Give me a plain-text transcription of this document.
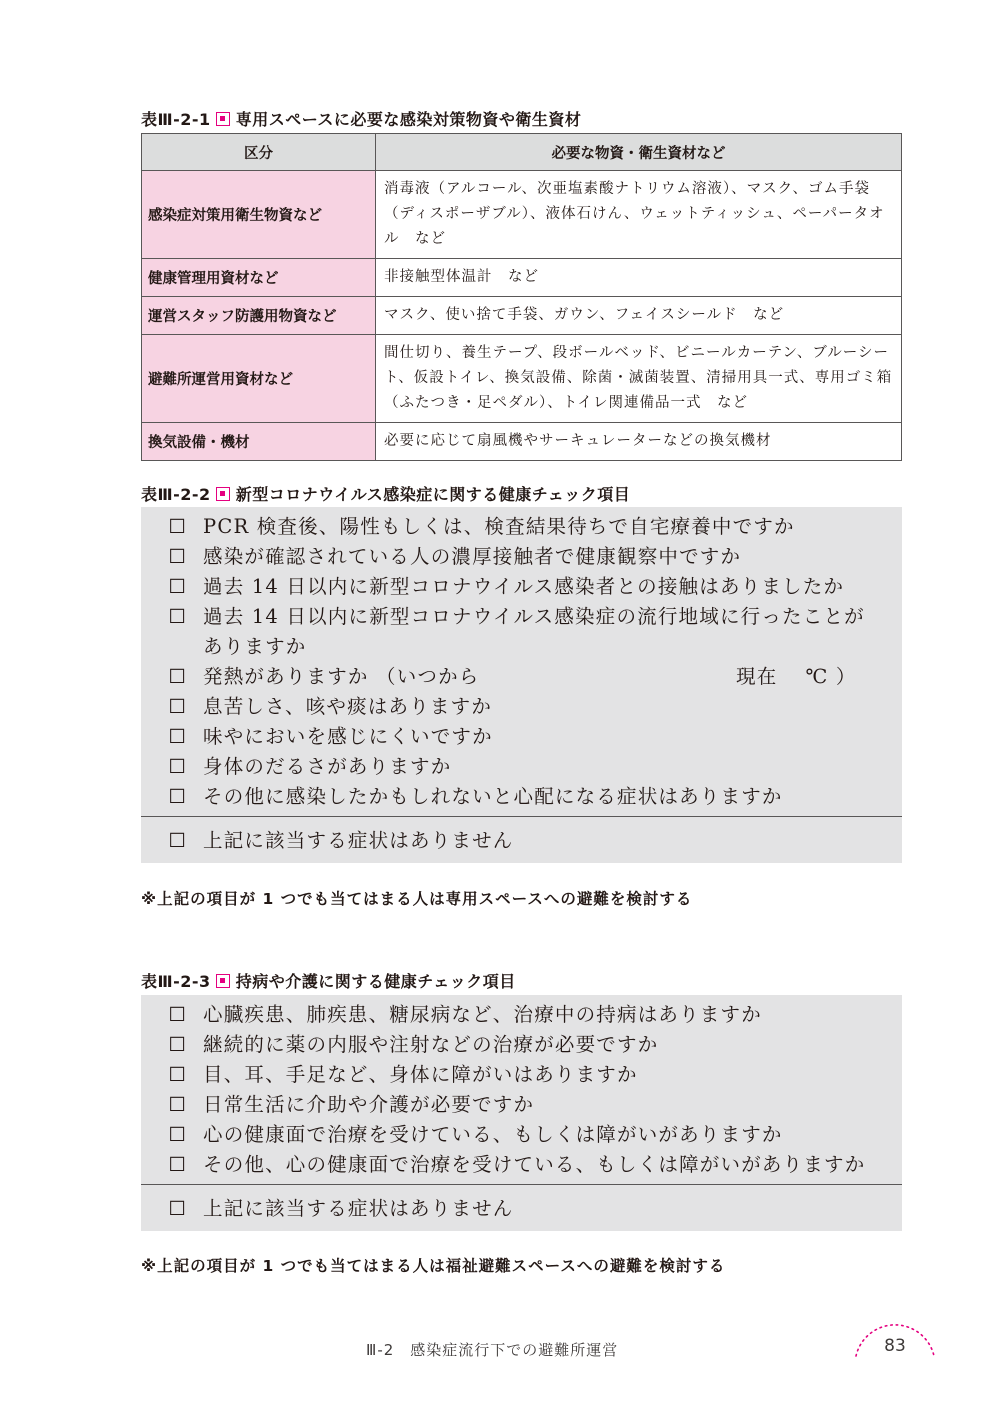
表Ⅲ-2-1 専用スペースに必要な感染対策物資や衛生資材
区分	必要な物資・衛生資材など
感染症対策用衛生物資など	消毒液（アルコール、次亜塩素酸ナトリウム溶液）、マスク、ゴム手袋（ディスポーザブル）、液体石けん、ウェットティッシュ、ペーパータオル　など
健康管理用資材など	非接触型体温計　など
運営スタッフ防護用物資など	マスク、使い捨て手袋、ガウン、フェイスシールド　など
避難所運営用資材など	間仕切り、養生テープ、段ボールベッド、ビニールカーテン、ブルーシート、仮設トイレ、換気設備、除菌・滅菌装置、清掃用具一式、専用ゴミ箱（ふたつき・足ペダル）、トイレ関連備品一式　など
換気設備・機材	必要に応じて扇風機やサーキュレーターなどの換気機材
表Ⅲ-2-2 新型コロナウイルス感染症に関する健康チェック項目
☐ PCR 検査後、陽性もしくは、検査結果待ちで自宅療養中ですか
☐ 感染が確認されている人の濃厚接触者で健康観察中ですか
☐ 過去 14 日以内に新型コロナウイルス感染者との接触はありましたか
☐ 過去 14 日以内に新型コロナウイルス感染症の流行地域に行ったことがありますか
☐ 発熱がありますか （いつから	現在　 ℃ ）
☐ 息苦しさ、咳や痰はありますか
☐ 味やにおいを感じにくいですか
☐ 身体のだるさがありますか
☐ その他に感染したかもしれないと心配になる症状はありますか
☐ 上記に該当する症状はありません
※上記の項目が 1 つでも当てはまる人は専用スペースへの避難を検討する
表Ⅲ-2-3 持病や介護に関する健康チェック項目
☐ 心臓疾患、肺疾患、糖尿病など、治療中の持病はありますか
☐ 継続的に薬の内服や注射などの治療が必要ですか
☐ 目、耳、手足など、身体に障がいはありますか
☐ 日常生活に介助や介護が必要ですか
☐ 心の健康面で治療を受けている、もしくは障がいがありますか
☐ その他、心の健康面で治療を受けている、もしくは障がいがありますか
☐ 上記に該当する症状はありません
※上記の項目が 1 つでも当てはまる人は福祉避難スペースへの避難を検討する
Ⅲ-2　感染症流行下での避難所運営	83
